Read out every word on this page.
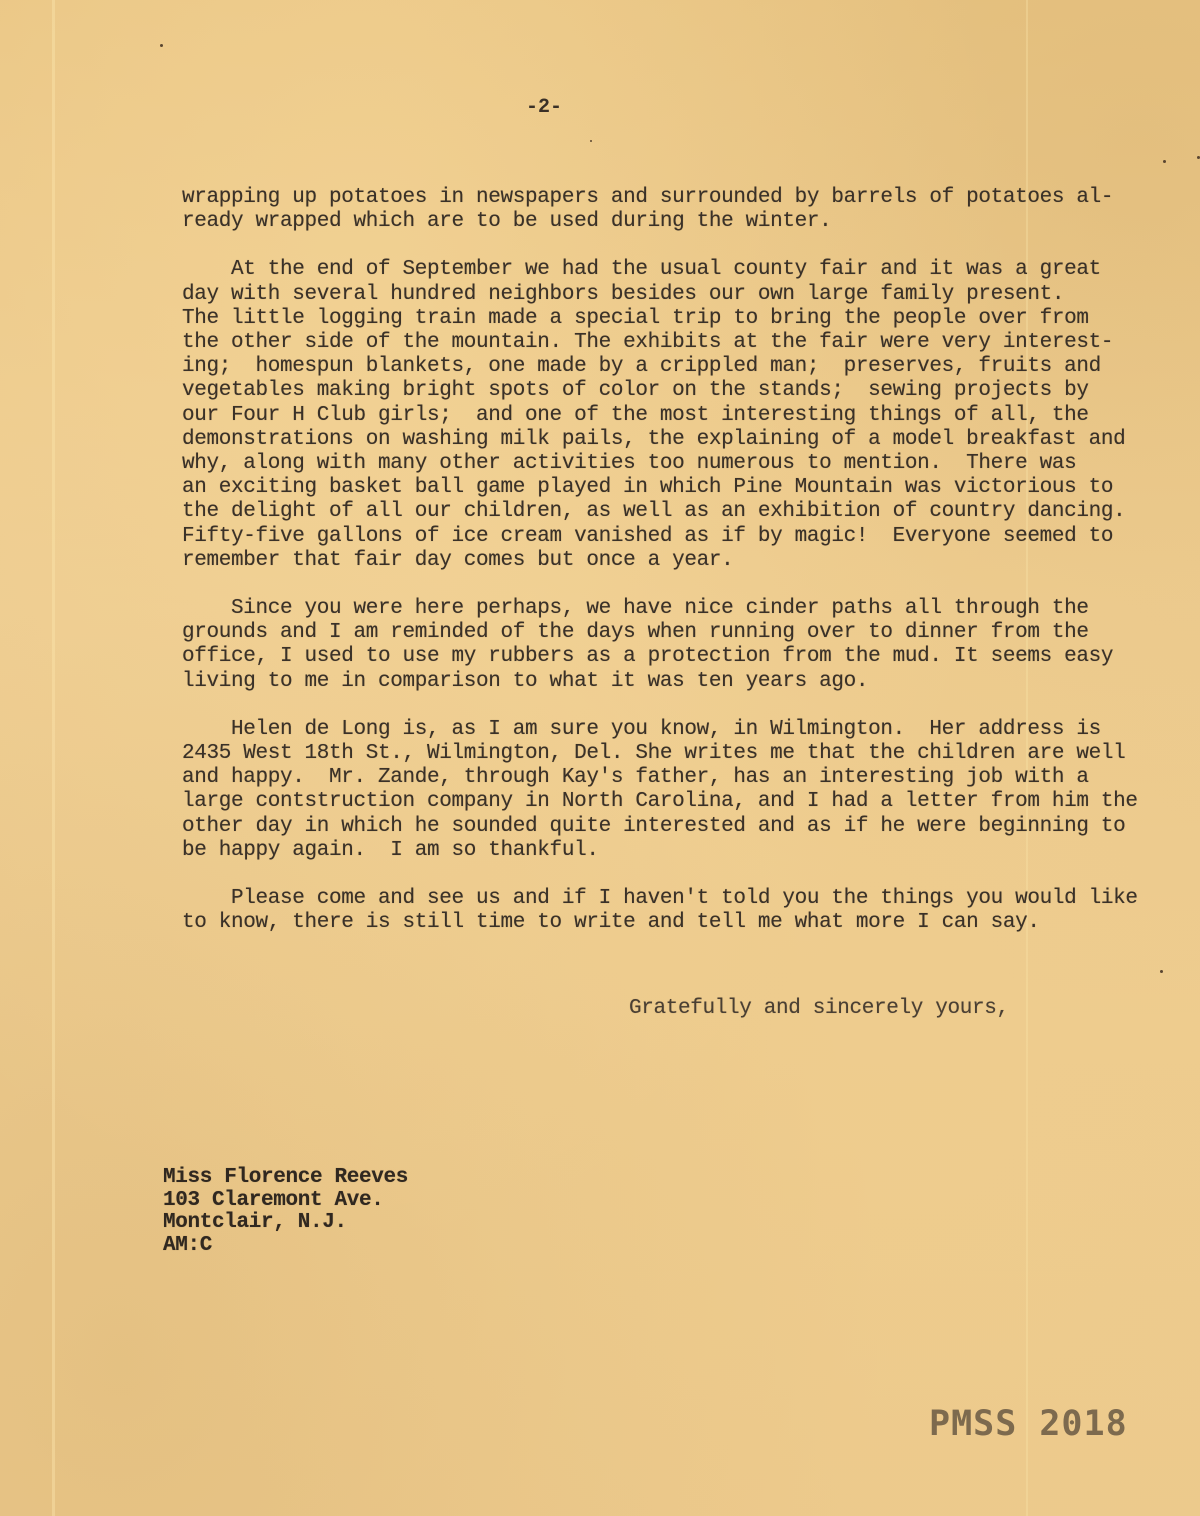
-2-
wrapping up potatoes in newspapers and surrounded by barrels of potatoes al-
ready wrapped which are to be used during the winter.
At the end of September we had the usual county fair and it was a great
day with several hundred neighbors besides our own large family present.
The little logging train made a special trip to bring the people over from
the other side of the mountain. The exhibits at the fair were very interest-
ing;  homespun blankets, one made by a crippled man;  preserves, fruits and
vegetables making bright spots of color on the stands;  sewing projects by
our Four H Club girls;  and one of the most interesting things of all, the
demonstrations on washing milk pails, the explaining of a model breakfast and
why, along with many other activities too numerous to mention.  There was
an exciting basket ball game played in which Pine Mountain was victorious to
the delight of all our children, as well as an exhibition of country dancing.
Fifty-five gallons of ice cream vanished as if by magic!  Everyone seemed to
remember that fair day comes but once a year.
Since you were here perhaps, we have nice cinder paths all through the
grounds and I am reminded of the days when running over to dinner from the
office, I used to use my rubbers as a protection from the mud. It seems easy
living to me in comparison to what it was ten years ago.
Helen de Long is, as I am sure you know, in Wilmington.  Her address is
2435 West 18th St., Wilmington, Del. She writes me that the children are well
and happy.  Mr. Zande, through Kay's father, has an interesting job with a
large contstruction company in North Carolina, and I had a letter from him the
other day in which he sounded quite interested and as if he were beginning to
be happy again.  I am so thankful.
Please come and see us and if I haven't told you the things you would like
to know, there is still time to write and tell me what more I can say.
Gratefully and sincerely yours,
Miss Florence Reeves
103 Claremont Ave.
Montclair, N.J.
AM:C
PMSS 2018
